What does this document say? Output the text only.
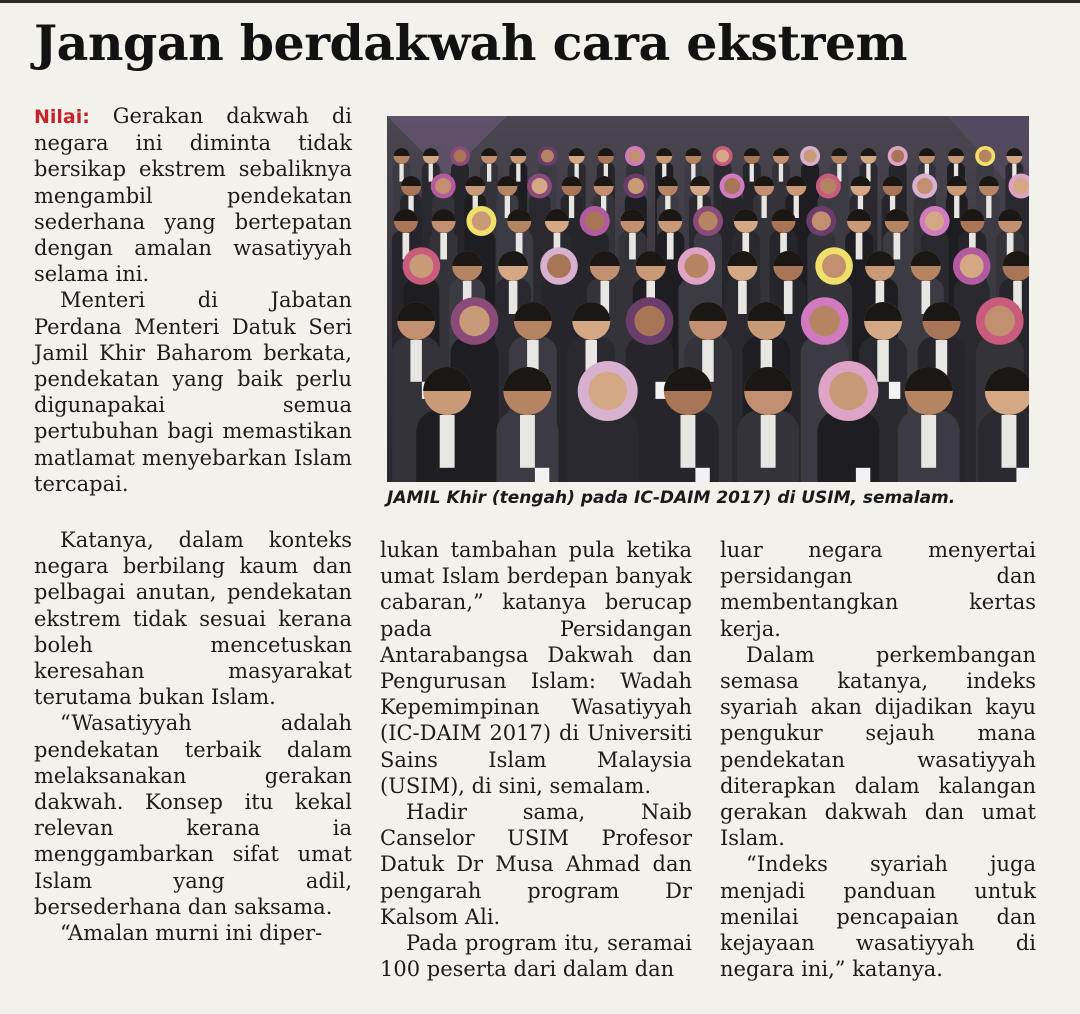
Jangan berdakwah cara ekstrem

Nilai: Gerakan dakwah di negara ini diminta tidak bersikap ekstrem sebaliknya mengambil pendekatan sederhana yang bertepatan dengan amalan wasatiyyah selama ini.

Menteri di Jabatan Perdana Menteri Datuk Seri Jamil Khir Baharom berkata, pendekatan yang baik perlu digunapakai semua pertubuhan bagi memastikan matlamat menyebarkan Islam tercapai.

JAMIL Khir (tengah) pada IC-DAIM 2017) di USIM, semalam.

Katanya, dalam konteks negara berbilang kaum dan pelbagai anutan, pendekatan ekstrem tidak sesuai kerana boleh mencetuskan keresahan masyarakat terutama bukan Islam.

“Wasatiyyah adalah pendekatan terbaik dalam melaksanakan gerakan dakwah. Konsep itu kekal relevan kerana ia menggambarkan sifat umat Islam yang adil, bersederhana dan saksama.

“Amalan murni ini diper-

lukan tambahan pula ketika umat Islam berdepan banyak cabaran,” katanya berucap pada Persidangan Antarabangsa Dakwah dan Pengurusan Islam: Wadah Kepemimpinan Wasatiyyah (IC-DAIM 2017) di Universiti Sains Islam Malaysia (USIM), di sini, semalam.

Hadir sama, Naib Canselor USIM Profesor Datuk Dr Musa Ahmad dan pengarah program Dr Kalsom Ali.

Pada program itu, seramai 100 peserta dari dalam dan

luar negara menyertai persidangan dan membentangkan kertas kerja.

Dalam perkembangan semasa katanya, indeks syariah akan dijadikan kayu pengukur sejauh mana pendekatan wasatiyyah diterapkan dalam kalangan gerakan dakwah dan umat Islam.

“Indeks syariah juga menjadi panduan untuk menilai pencapaian dan kejayaan wasatiyyah di negara ini,” katanya.
